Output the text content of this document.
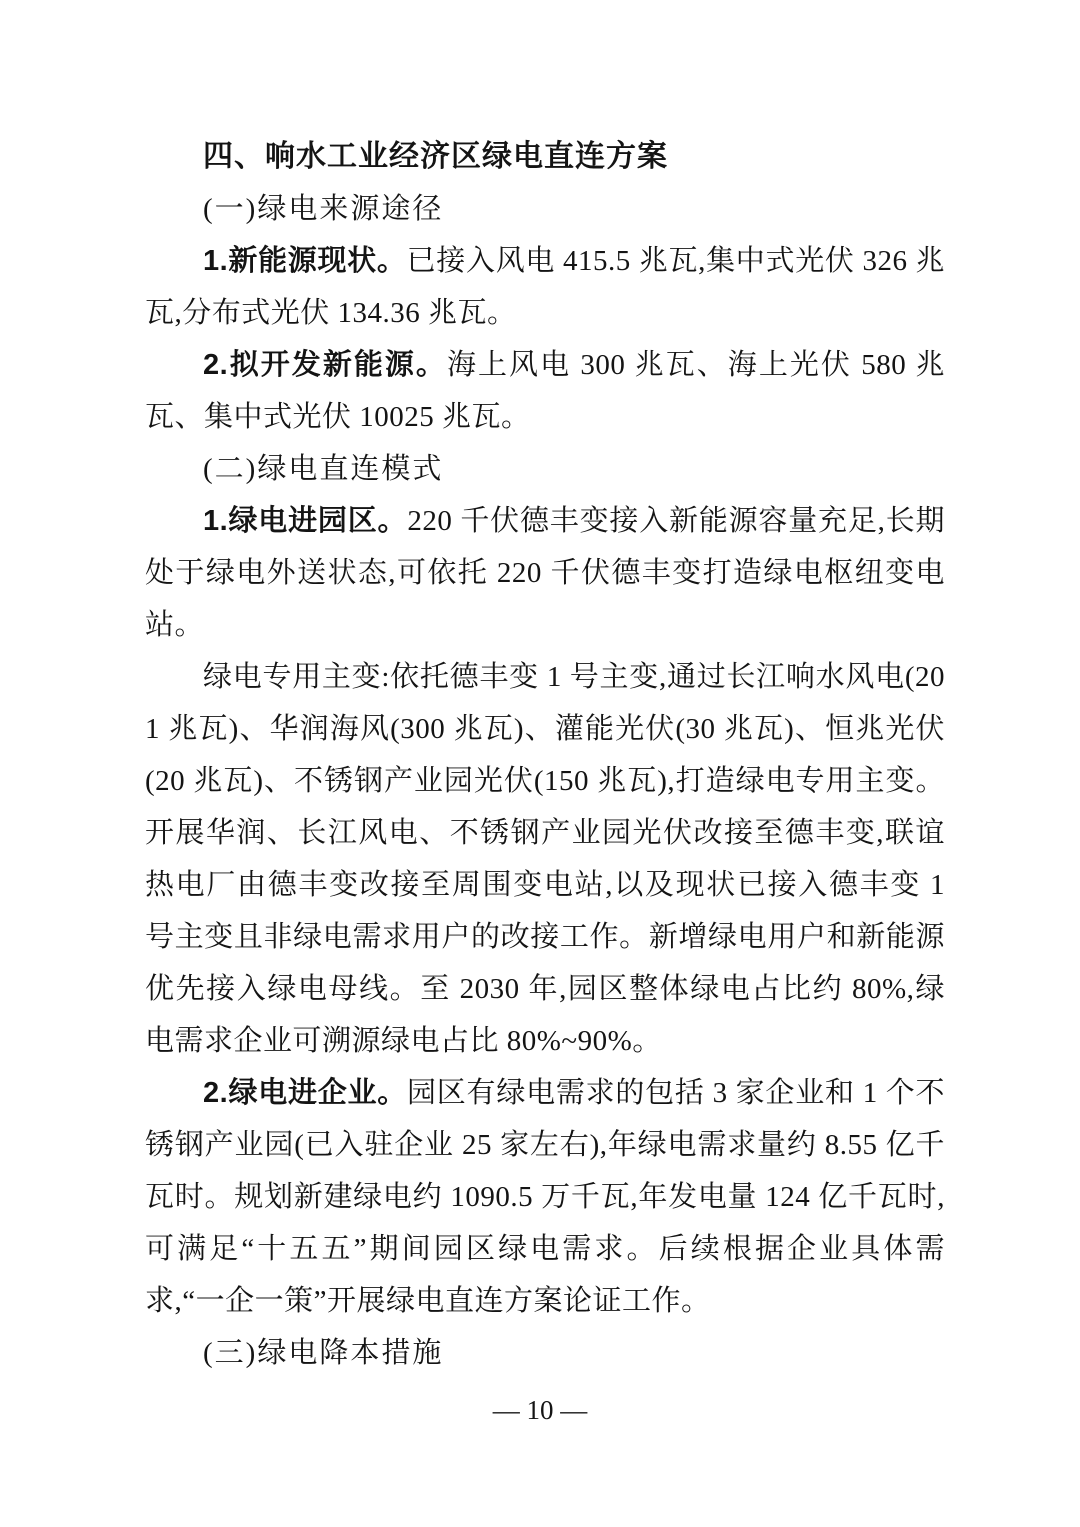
四、响水工业经济区绿电直连方案

(一)绿电来源途径

1.新能源现状。已接入风电 415.5 兆瓦,集中式光伏 326 兆瓦,分布式光伏 134.36 兆瓦。

2.拟开发新能源。海上风电 300 兆瓦、海上光伏 580 兆瓦、集中式光伏 10025 兆瓦。

(二)绿电直连模式

1.绿电进园区。220 千伏德丰变接入新能源容量充足,长期处于绿电外送状态,可依托 220 千伏德丰变打造绿电枢纽变电站。

绿电专用主变:依托德丰变 1 号主变,通过长江响水风电(201 兆瓦)、华润海风(300 兆瓦)、灌能光伏(30 兆瓦)、恒兆光伏(20 兆瓦)、不锈钢产业园光伏(150 兆瓦),打造绿电专用主变。开展华润、长江风电、不锈钢产业园光伏改接至德丰变,联谊热电厂由德丰变改接至周围变电站,以及现状已接入德丰变 1 号主变且非绿电需求用户的改接工作。新增绿电用户和新能源优先接入绿电母线。至 2030 年,园区整体绿电占比约 80%,绿电需求企业可溯源绿电占比 80%~90%。

2.绿电进企业。园区有绿电需求的包括 3 家企业和 1 个不锈钢产业园(已入驻企业 25 家左右),年绿电需求量约 8.55 亿千瓦时。规划新建绿电约 1090.5 万千瓦,年发电量 124 亿千瓦时,可满足“十五五”期间园区绿电需求。后续根据企业具体需求,“一企一策”开展绿电直连方案论证工作。

(三)绿电降本措施

— 10 —
